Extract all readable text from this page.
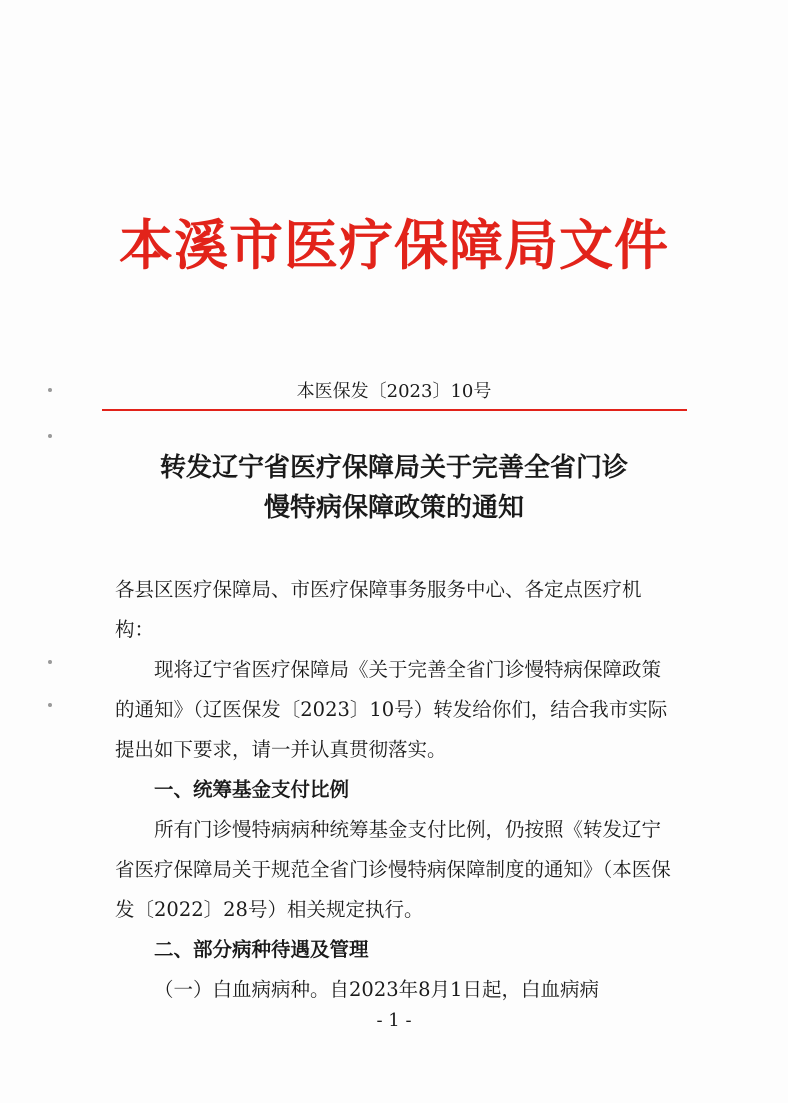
本溪市医疗保障局文件
本医保发〔2023〕10号
转发辽宁省医疗保障局关于完善全省门诊
慢特病保障政策的通知

各县区医疗保障局、市医疗保障事务服务中心、各定点医疗机构：

现将辽宁省医疗保障局《关于完善全省门诊慢特病保障政策的通知》（辽医保发〔2023〕10号）转发给你们，结合我市实际提出如下要求，请一并认真贯彻落实。

一、统筹基金支付比例

所有门诊慢特病病种统筹基金支付比例，仍按照《转发辽宁省医疗保障局关于规范全省门诊慢特病保障制度的通知》（本医保发〔2022〕28号）相关规定执行。

二、部分病种待遇及管理

（一）白血病病种。自2023年8月1日起，白血病病

- 1 -
